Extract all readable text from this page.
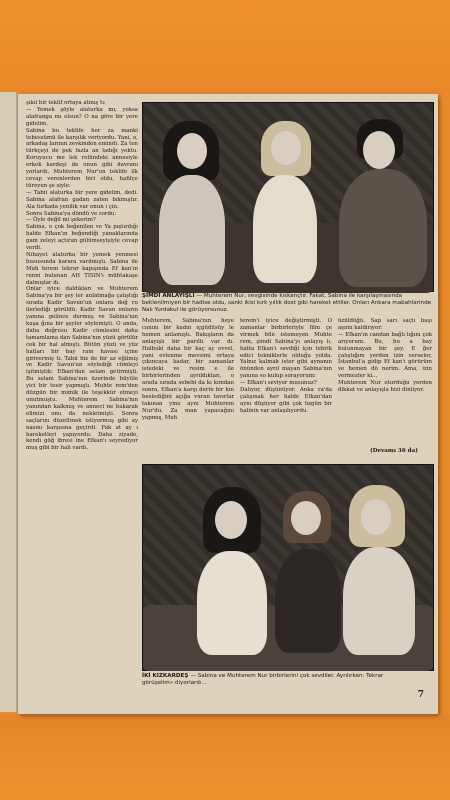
şıkıl bir teklif ortaya atmış tı:
— Yemek şöyle alaturka mı, yoksa alafranga mı olsun? O na göre bir yere gidelim.
Sabina bu teklife her za manki tebessümü ile karşılık veriyordu. Yani, o, arkadaş larının zevkinden emindi. Za ten türkçeyi de pek fazla an ladığı yoktu. Koruyucu me lek rolündeki annesiyle erkek kardeşi de onun gibi davranı yorlardı. Muhterem Nur'un teklife ilk cevap verenlerden biri oldu, hafifçe türeyen şe siyle:
— Tabii alaturka bir yere gidelim, dedi. Sabina alafran gadan zaten bıkmıştır. Ala turkada yenilik var onun i çin.
Sonra Sabina'ya döndü ve sordu:
— Öyle değil mi şekerim?
Sabina, o çok beğenilen ve Ya pıştırdığı halde Efkan'ın beğendiği yanaklarında gam zeleyi açtıran gülümseyişiyle cevap verdi.
Nihayet alaturka bir yemek yenmesi hususunda karara varılmıştı. Sabina ile Muh terem tekrar kapışında Ef kan'ın renni bulunan AH TISIN'ı mühtakaşe dalmışlar dı.
Onlar iyice daldıkları ve Muhterem Sabina'ya bir şey ler anlatmağa çalıştığı sırada Kadir Savun'un onlara doğ ru ilerlediği görüldü. Kadir Savun onların yanına gelince durmuş ve Sabina'nın kuşa ğına bir şeyler söylemişti. O anda, daha doğrusu Kadir cümlesini daha tamamlama dan Sabina'nın yüzü görülür cek bir hal almıştı. Bütün yüzü ve yüz hatları bir bay ram havası içine girivermiş ti. Tabii biz de bir az eğilmiş ve Kadir Savun'un söylediği cümleyi işitmiştik: Efkan'dan selam getirmişti. Bu selam Sabina'nın üzerinde büyüle yici bir tesir yapmıştı. Muhte rem'den düzgün bir mimik ile teşekkür etmeyi unutmuştu. Muhterem Sabina'nın yanından kalkmış ve anneci ne bakarak elimizi onu da nekletmişti. Sonra saçlarını düzeltmek istiyormuş gibi ay nasını karşısına geçirdi. Fak at ay ı hareketleri yapıyordu. Daha ziyade, kendi göğ ibresi ine Efkan'ı seyrediyor muş gibi bir hali vardı.
ŞİMDİ ANLAYIŞLI — Muhterem Nur, sevgisinde kıskançtır. Fakat, Sabina ile karşılaşmasında beklenilmiyen bir hadise oldu, sanki ikisi kırk yıllık dost gibi hareket ettiler. Onları Ankara mabahlarinde Nalı Yurdakul ile görüyorsunuz.
Muhterem, Sabina'nın heye canını bir kadın içgüdüsüy le hemen anlamıştı. Bakışların da anlayışlı bir parıltı var dı. Halbuki daha bir kaç ay evvel, yani evlenme mevsimi ortaya çıkıncaya kadar, bir zamanlar istedeki ve resim e ile birbirlerinden ayrıldıktan, o arada sırada sebebi da kı kımdan sonra, Efkan'a karşı derin bir kin beslediğini açığa vuran tavırlar takınan yine ayni Muhterem Nur'du. Za man yapacağını yapmış, Muh
terem'i iyice değiştirmişti. O zamanlar birbirleriyle film çe virmek bile istemeyen Muhte rem, şimdi Sabina'yı anlayış lı, hatta Efkan'ı sevdiği için tebrik edici tekniklerle olduğu yolda. Yalnız kalmak ister gibi aynanın önünden ayrıl mayan Sabina'nın yanına so kulup sorayorum:
— Efkan'ı seviyor musunuz?
Dalıyor, düşünüyor. Anka ra'da çalışmak her halde Efkan'dan aynı düşüyor gibi çok üzgün bir halinin var anlaşılıyordu.
üzüldüğü. Sap sarı saçlı başı aşımı kaldırıyor:
— Efkan'ın candan bağlı lığını çok arıyorum. Bu, bu a bay bulunmayan bir şey. E ğer çalıştığım yerden izin verseler, İstanbul'a gidip Ef kan'ı görürüm ve hemen dö nerim. Ama, izin vermezler ki...
Muhterem Nur oturduğu yerden dikkat ve anlayışla bizi dinliyor.
(Devamı 36 da)
İKİ KIZKARDEŞ — Sabina ve Muhterem Nur birbirlerini çok sevdiler. Ayrılırken: Tekrar görüşelim» diyorlardı...
7
